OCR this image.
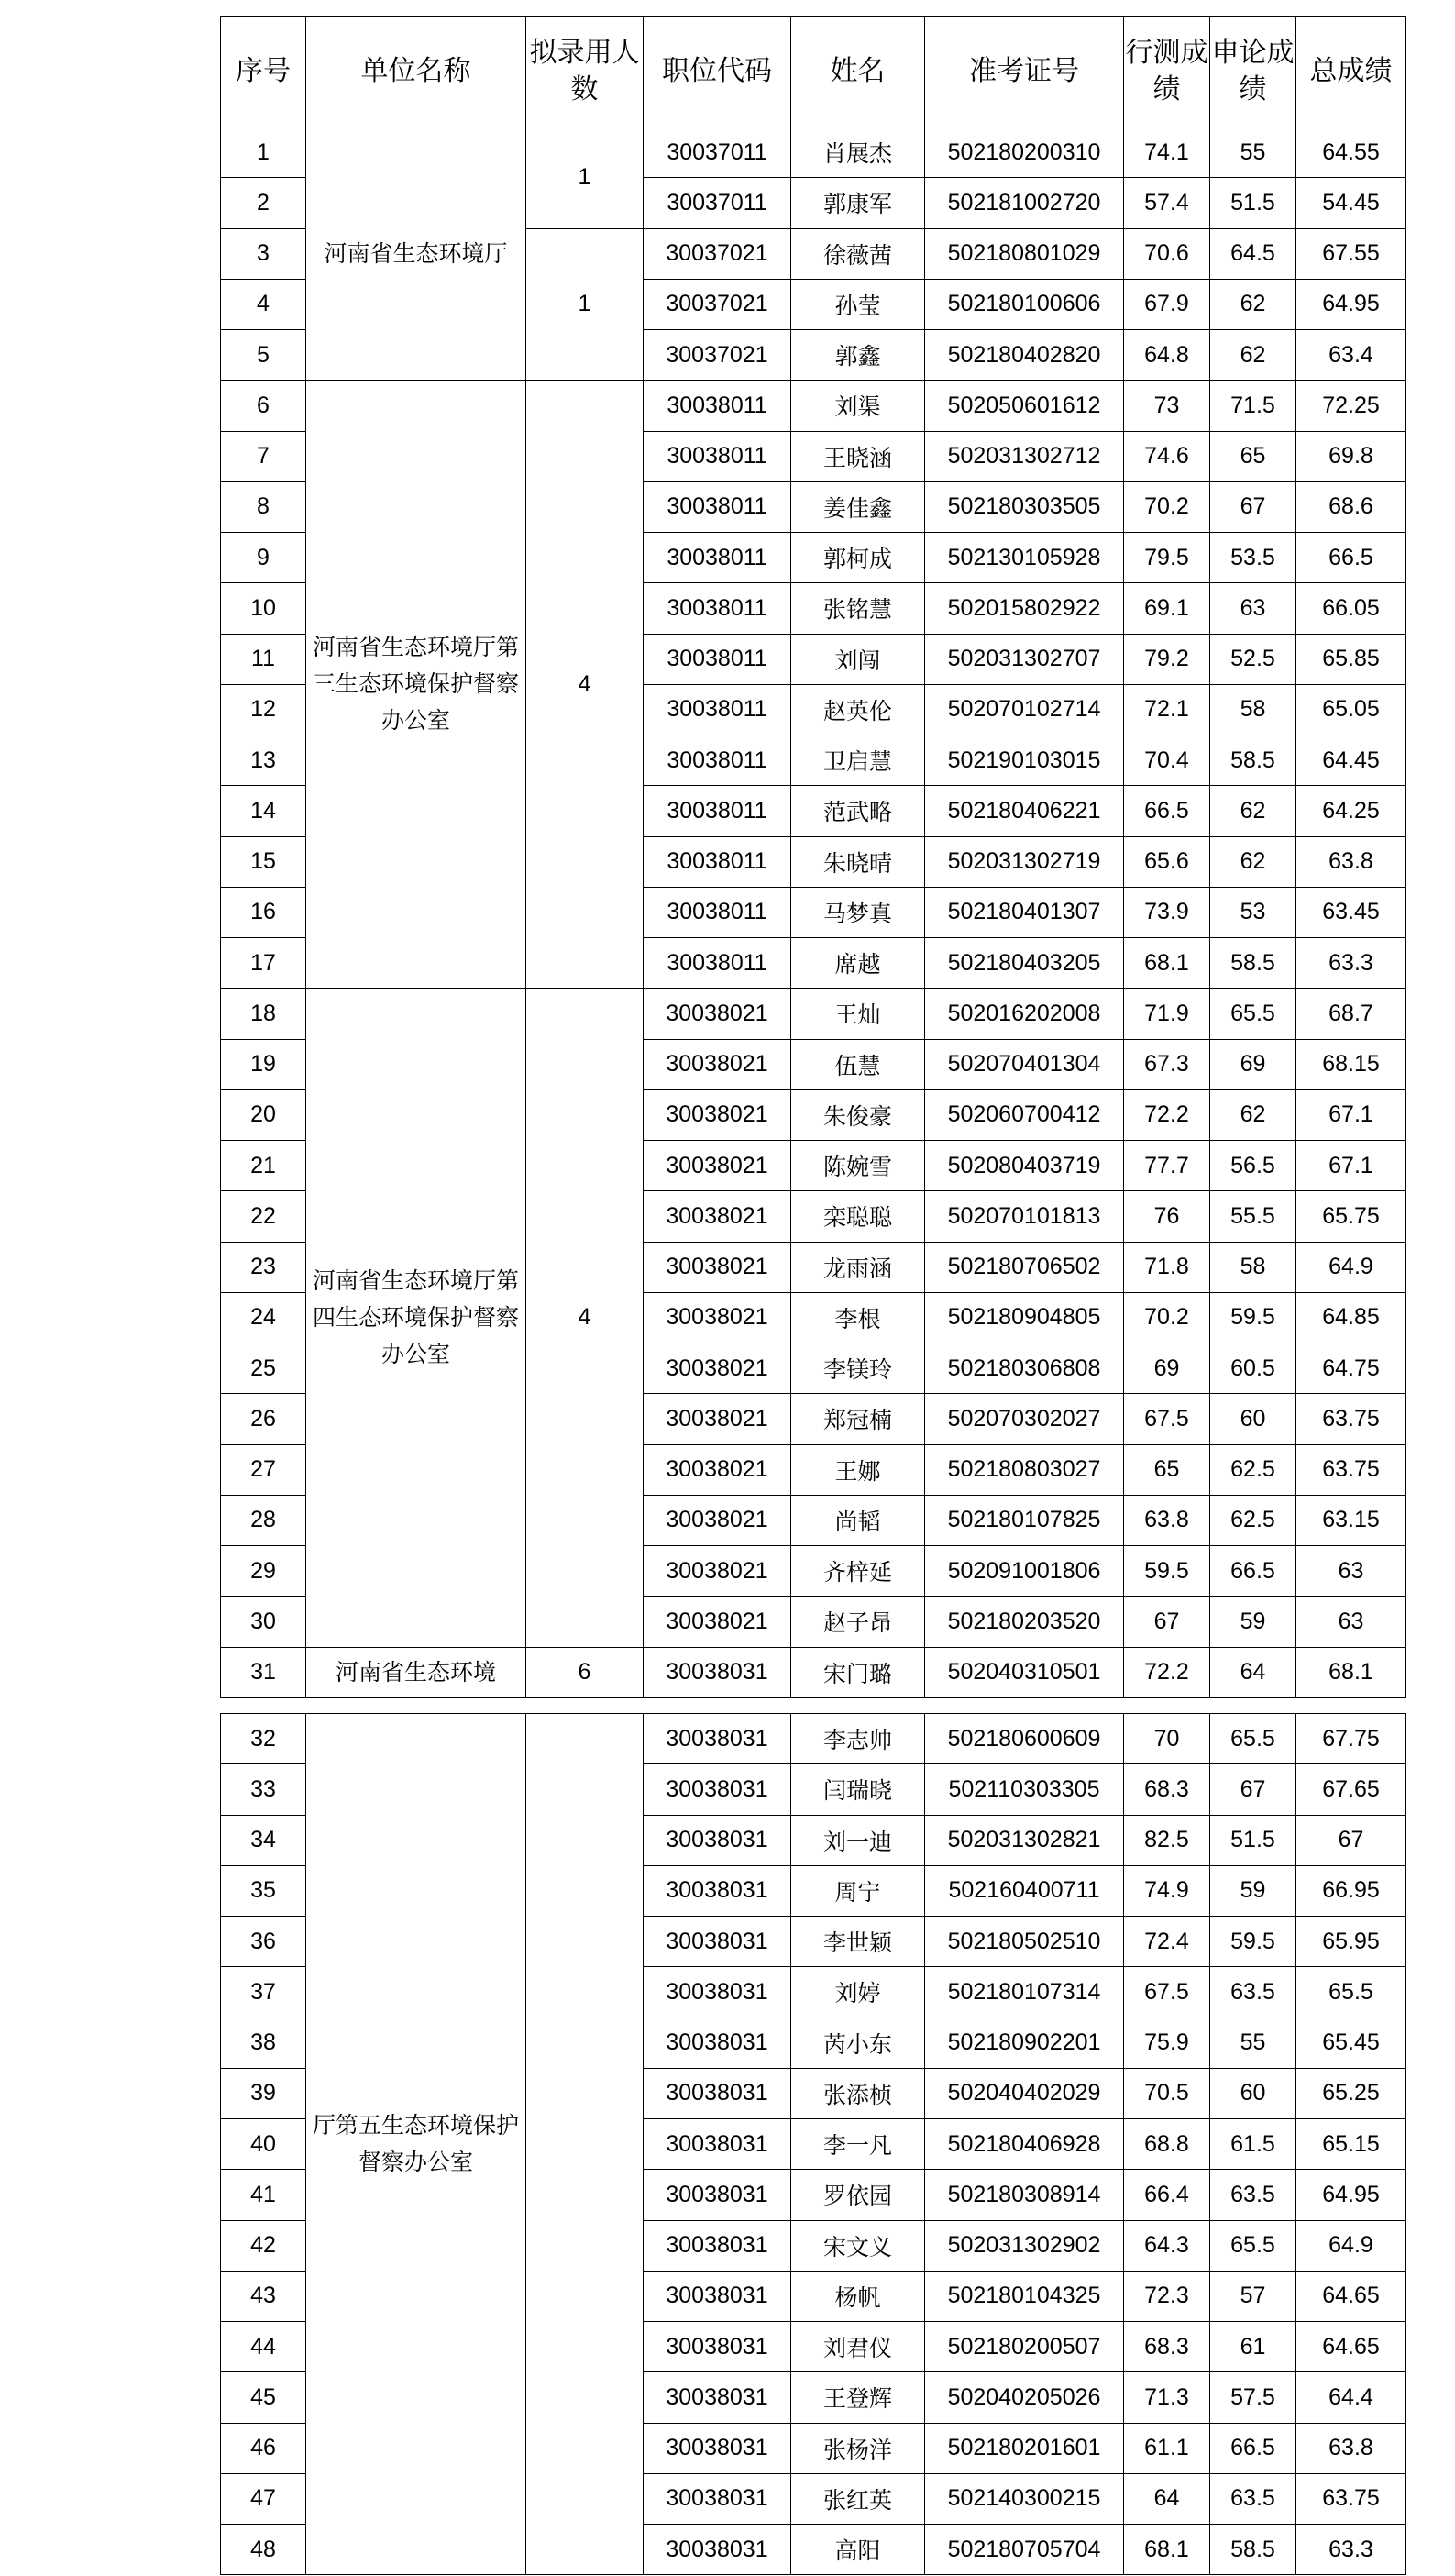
序号	单位名称	拟录用人数	职位代码	姓名	准考证号	行测成绩	申论成绩	总成绩
1	河南省生态环境厅	1	30037011	肖展杰	502180200310	74.1	55	64.55
2			30037011	郭康军	502181002720	57.4	51.5	54.45
3		1	30037021	徐薇茜	502180801029	70.6	64.5	67.55
4			30037021	孙莹	502180100606	67.9	62	64.95
5			30037021	郭鑫	502180402820	64.8	62	63.4
6	河南省生态环境厅第三生态环境保护督察办公室	4	30038011	刘渠	502050601612	73	71.5	72.25
7			30038011	王晓涵	502031302712	74.6	65	69.8
8			30038011	姜佳鑫	502180303505	70.2	67	68.6
9			30038011	郭柯成	502130105928	79.5	53.5	66.5
10			30038011	张铭慧	502015802922	69.1	63	66.05
11			30038011	刘闯	502031302707	79.2	52.5	65.85
12			30038011	赵英伦	502070102714	72.1	58	65.05
13			30038011	卫启慧	502190103015	70.4	58.5	64.45
14			30038011	范武略	502180406221	66.5	62	64.25
15			30038011	朱晓晴	502031302719	65.6	62	63.8
16			30038011	马梦真	502180401307	73.9	53	63.45
17			30038011	席越	502180403205	68.1	58.5	63.3
18	河南省生态环境厅第四生态环境保护督察办公室	4	30038021	王灿	502016202008	71.9	65.5	68.7
19			30038021	伍慧	502070401304	67.3	69	68.15
20			30038021	朱俊豪	502060700412	72.2	62	67.1
21			30038021	陈婉雪	502080403719	77.7	56.5	67.1
22			30038021	栾聪聪	502070101813	76	55.5	65.75
23			30038021	龙雨涵	502180706502	71.8	58	64.9
24			30038021	李根	502180904805	70.2	59.5	64.85
25			30038021	李镁玲	502180306808	69	60.5	64.75
26			30038021	郑冠楠	502070302027	67.5	60	63.75
27			30038021	王娜	502180803027	65	62.5	63.75
28			30038021	尚韬	502180107825	63.8	62.5	63.15
29			30038021	齐梓延	502091001806	59.5	66.5	63
30			30038021	赵子昂	502180203520	67	59	63
31	河南省生态环境	6	30038031	宋门璐	502040310501	72.2	64	68.1
32	厅第五生态环境保护督察办公室		30038031	李志帅	502180600609	70	65.5	67.75
33			30038031	闫瑞晓	502110303305	68.3	67	67.65
34			30038031	刘一迪	502031302821	82.5	51.5	67
35			30038031	周宁	502160400711	74.9	59	66.95
36			30038031	李世颖	502180502510	72.4	59.5	65.95
37			30038031	刘婷	502180107314	67.5	63.5	65.5
38			30038031	芮小东	502180902201	75.9	55	65.45
39			30038031	张添桢	502040402029	70.5	60	65.25
40			30038031	李一凡	502180406928	68.8	61.5	65.15
41			30038031	罗依园	502180308914	66.4	63.5	64.95
42			30038031	宋文义	502031302902	64.3	65.5	64.9
43			30038031	杨帆	502180104325	72.3	57	64.65
44			30038031	刘君仪	502180200507	68.3	61	64.65
45			30038031	王登辉	502040205026	71.3	57.5	64.4
46			30038031	张杨洋	502180201601	61.1	66.5	63.8
47			30038031	张红英	502140300215	64	63.5	63.75
48			30038031	高阳	502180705704	68.1	58.5	63.3
